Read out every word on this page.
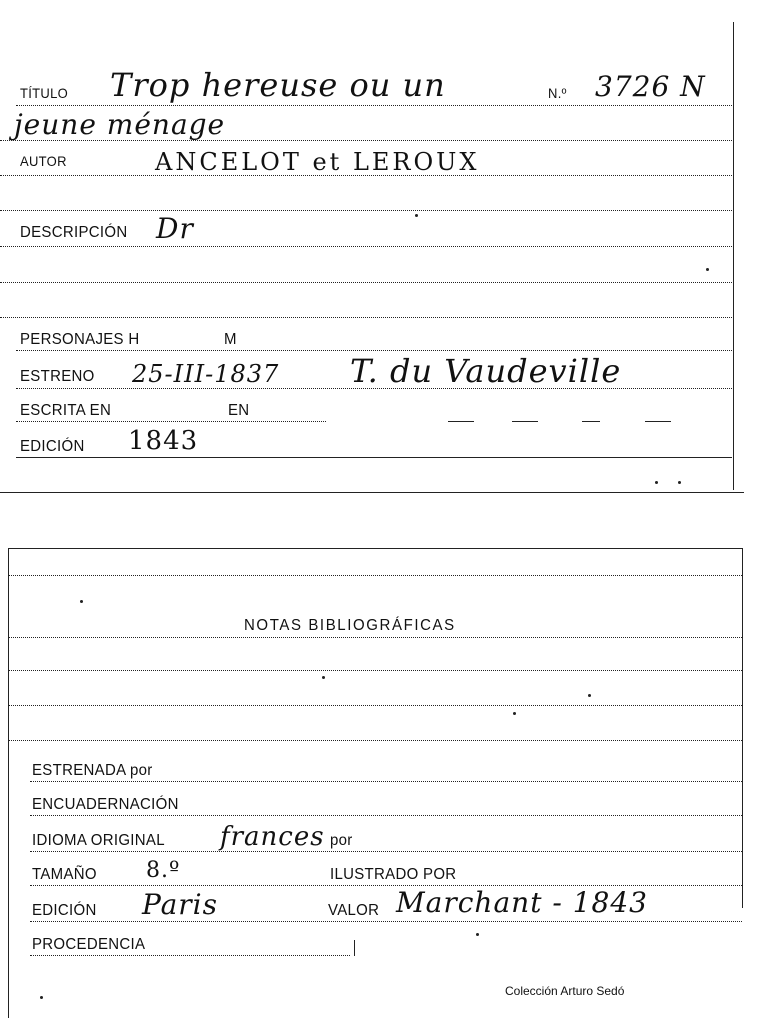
TÍTULO Trop hereuse ou un	N.º 3726 N
jeune ménage
AUTOR	ANCELOT et LEROUX
DESCRIPCIÓN Dr
PERSONAJES H	M
ESTRENO 25-III-1837 T. du Vaudeville
ESCRITA EN	EN
EDICIÓN 1843
NOTAS BIBLIOGRÁFICAS
ESTRENADA por
ENCUADERNACIÓN
IDIOMA ORIGINAL frances por
TAMAÑO 8.º	ILUSTRADO POR
EDICIÓN Paris	VALOR Marchant - 1843
PROCEDENCIA
Colección Arturo Sedó
